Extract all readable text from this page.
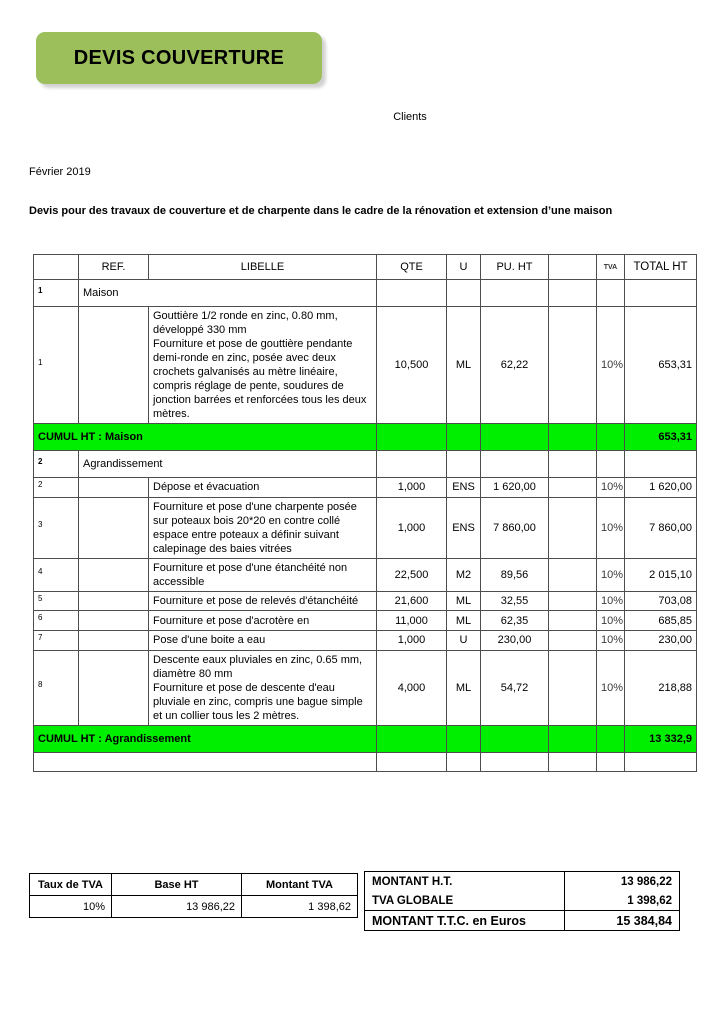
DEVIS COUVERTURE
Clients
Février 2019
Devis pour des travaux de couverture et de charpente dans le cadre de la rénovation et extension d’une maison
	REF.	LIBELLE	QTE	U	PU. HT		TVA	TOTAL HT
$^1$	Maison							
$^1$		Gouttière 1/2 ronde en zinc, 0.80 mm, développé 330 mm
Fourniture et pose de gouttière pendante demi-ronde en zinc, posée avec deux crochets galvanisés au mètre linéaire, compris réglage de pente, soudures de jonction barrées et renforcées tous les deux mètres.	10,500	ML	62,22		10%	653,31
CUMUL HT : Maison								653,31
$^2$	Agrandissement							
$^2$		Dépose et évacuation	1,000	ENS	1 620,00		10%	1 620,00
$^3$		Fourniture et pose d'une charpente posée sur poteaux bois 20*20 en contre collé espace entre poteaux a définir suivant calepinage des baies vitrées	1,000	ENS	7 860,00		10%	7 860,00
$^4$		Fourniture et pose d'une étanchéité non accessible	22,500	M2	89,56		10%	2 015,10
$^5$		Fourniture et pose de relevés d'étanchéité	21,600	ML	32,55		10%	703,08
$^6$		Fourniture et pose d'acrotère en	11,000	ML	62,35		10%	685,85
$^7$		Pose d'une boite a eau	1,000	U	230,00		10%	230,00
$^8$		Descente eaux pluviales en zinc, 0.65 mm, diamètre 80 mm
Fourniture et pose de descente d'eau pluviale en zinc, compris une bague simple et un collier tous les 2 mètres.	4,000	ML	54,72		10%	218,88
CUMUL HT : Agrandissement								13 332,9

Taux de TVA	Base HT	Montant TVA
10%	13 986,22	1 398,62
MONTANT H.T.	13 986,22
TVA GLOBALE	1 398,62
MONTANT T.T.C. en Euros	15 384,84
